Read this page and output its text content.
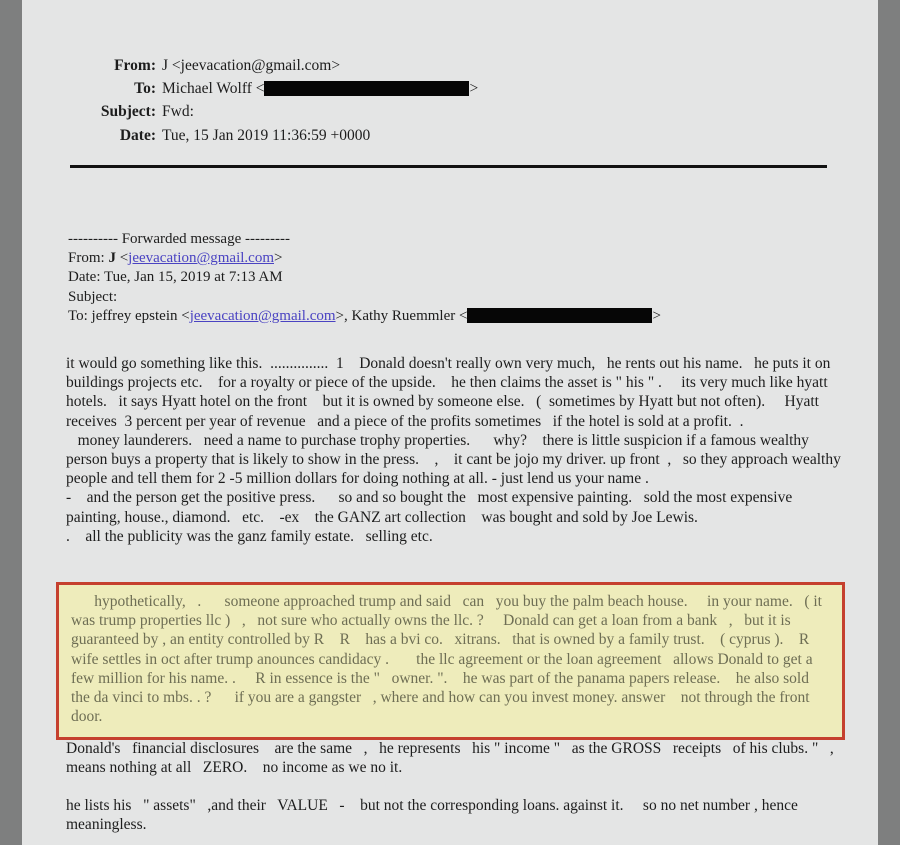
From: J <jeevacation@gmail.com>
To: Michael Wolff <	>
Subject: Fwd:
Date: Tue, 15 Jan 2019 11:36:59 +0000
---------- Forwarded message ---------
From: J <jeevacation@gmail.com>
Date: Tue, Jan 15, 2019 at 7:13 AM
Subject:
To: jeffrey epstein <jeevacation@gmail.com>, Kathy Ruemmler <	>
it would go something like this.  ...............  1    Donald doesn't really own very much,   he rents out his name.   he puts it on buildings projects etc.    for a royalty or piece of the upside.    he then claims the asset is " his " .     its very much like hyatt hotels.   it says Hyatt hotel on the front    but it is owned by someone else.   (  sometimes by Hyatt but not often).     Hyatt receives  3 percent per year of revenue   and a piece of the profits sometimes   if the hotel is sold at a profit.  .
money launderers.   need a name to purchase trophy properties.      why?    there is little suspicion if a famous wealthy person buys a property that is likely to show in the press.    ,    it cant be jojo my driver. up front  ,   so they approach wealthy people and tell them for 2 -5 million dollars for doing nothing at all. - just lend us your name .
-    and the person get the positive press.      so and so bought the   most expensive painting.   sold the most expensive painting, house., diamond.   etc.    -ex    the GANZ art collection    was bought and sold by Joe Lewis.
.    all the publicity was the ganz family estate.   selling etc.
hypothetically,   .      someone approached trump and said   can   you buy the palm beach house.     in your name.   ( it was trump properties llc )   ,   not sure who actually owns the llc. ?     Donald can get a loan from a bank   ,   but it is guaranteed by , an entity controlled by R    R    has a bvi co.   xitrans.   that is owned by a family trust.    ( cyprus ).    R wife settles in oct after trump anounces candidacy .       the llc agreement or the loan agreement   allows Donald to get a few million for his name. .     R in essence is the "   owner. ".    he was part of the panama papers release.    he also sold the da vinci to mbs. . ?      if you are a gangster   , where and how can you invest money. answer    not through the front door.
Donald's   financial disclosures    are the same   ,   he represents   his " income "   as the GROSS   receipts   of his clubs. "   ,   means nothing at all   ZERO.    no income as we no it.
he lists his   " assets"   ,and their   VALUE   -    but not the corresponding loans. against it.     so no net number , hence   meaningless.
